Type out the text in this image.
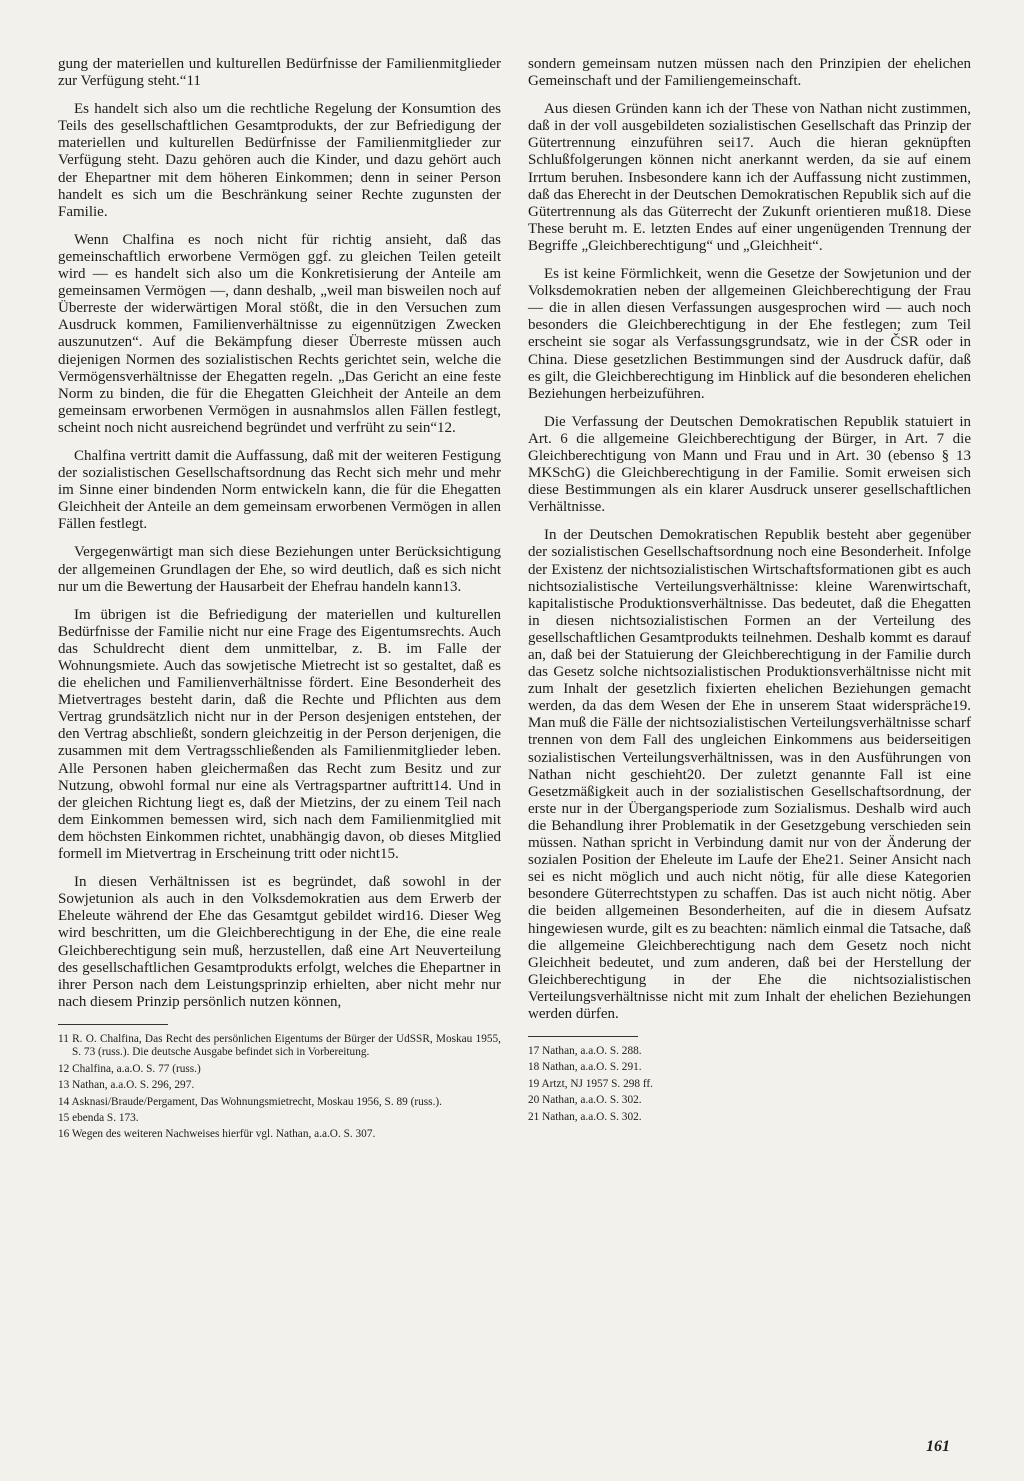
gung der materiellen und kulturellen Bedürfnisse der Familienmitglieder zur Verfügung steht.“11

Es handelt sich also um die rechtliche Regelung der Konsumtion des Teils des gesellschaftlichen Gesamtprodukts, der zur Befriedigung der materiellen und kulturellen Bedürfnisse der Familienmitglieder zur Verfügung steht. Dazu gehören auch die Kinder, und dazu gehört auch der Ehepartner mit dem höheren Einkommen; denn in seiner Person handelt es sich um die Beschränkung seiner Rechte zugunsten der Familie.

Wenn Chalfina es noch nicht für richtig ansieht, daß das gemeinschaftlich erworbene Vermögen ggf. zu gleichen Teilen geteilt wird — es handelt sich also um die Konkretisierung der Anteile am gemeinsamen Vermögen —, dann deshalb, „weil man bisweilen noch auf Überreste der widerwärtigen Moral stößt, die in den Versuchen zum Ausdruck kommen, Familienverhältnisse zu eigennützigen Zwecken auszunutzen“. Auf die Bekämpfung dieser Überreste müssen auch diejenigen Normen des sozialistischen Rechts gerichtet sein, welche die Vermögensverhältnisse der Ehegatten regeln. „Das Gericht an eine feste Norm zu binden, die für die Ehegatten Gleichheit der Anteile an dem gemeinsam erworbenen Vermögen in ausnahmslos allen Fällen festlegt, scheint noch nicht ausreichend begründet und verfrüht zu sein“12.

Chalfina vertritt damit die Auffassung, daß mit der weiteren Festigung der sozialistischen Gesellschaftsordnung das Recht sich mehr und mehr im Sinne einer bindenden Norm entwickeln kann, die für die Ehegatten Gleichheit der Anteile an dem gemeinsam erworbenen Vermögen in allen Fällen festlegt.

Vergegenwärtigt man sich diese Beziehungen unter Berücksichtigung der allgemeinen Grundlagen der Ehe, so wird deutlich, daß es sich nicht nur um die Bewertung der Hausarbeit der Ehefrau handeln kann13.

Im übrigen ist die Befriedigung der materiellen und kulturellen Bedürfnisse der Familie nicht nur eine Frage des Eigentumsrechts. Auch das Schuldrecht dient dem unmittelbar, z. B. im Falle der Wohnungsmiete. Auch das sowjetische Mietrecht ist so gestaltet, daß es die ehelichen und Familienverhältnisse fördert. Eine Besonderheit des Mietvertrages besteht darin, daß die Rechte und Pflichten aus dem Vertrag grundsätzlich nicht nur in der Person desjenigen entstehen, der den Vertrag abschließt, sondern gleichzeitig in der Person derjenigen, die zusammen mit dem Vertragsschließenden als Familienmitglieder leben. Alle Personen haben gleichermaßen das Recht zum Besitz und zur Nutzung, obwohl formal nur eine als Vertragspartner auftritt14. Und in der gleichen Richtung liegt es, daß der Mietzins, der zu einem Teil nach dem Einkommen bemessen wird, sich nach dem Familienmitglied mit dem höchsten Einkommen richtet, unabhängig davon, ob dieses Mitglied formell im Mietvertrag in Erscheinung tritt oder nicht15.

In diesen Verhältnissen ist es begründet, daß sowohl in der Sowjetunion als auch in den Volksdemokratien aus dem Erwerb der Eheleute während der Ehe das Gesamtgut gebildet wird16. Dieser Weg wird beschritten, um die Gleichberechtigung in der Ehe, die eine reale Gleichberechtigung sein muß, herzustellen, daß eine Art Neuverteilung des gesellschaftlichen Gesamtprodukts erfolgt, welches die Ehepartner in ihrer Person nach dem Leistungsprinzip erhielten, aber nicht mehr nur nach diesem Prinzip persönlich nutzen können,

11 R. O. Chalfina, Das Recht des persönlichen Eigentums der Bürger der UdSSR, Moskau 1955, S. 73 (russ.). Die deutsche Ausgabe befindet sich in Vorbereitung.

12 Chalfina, a.a.O. S. 77 (russ.)

13 Nathan, a.a.O. S. 296, 297.

14 Asknasi/Braude/Pergament, Das Wohnungsmietrecht, Moskau 1956, S. 89 (russ.).

15 ebenda S. 173.

16 Wegen des weiteren Nachweises hierfür vgl. Nathan, a.a.O. S. 307.

sondern gemeinsam nutzen müssen nach den Prinzipien der ehelichen Gemeinschaft und der Familiengemeinschaft.

Aus diesen Gründen kann ich der These von Nathan nicht zustimmen, daß in der voll ausgebildeten sozialistischen Gesellschaft das Prinzip der Gütertrennung einzuführen sei17. Auch die hieran geknüpften Schlußfolgerungen können nicht anerkannt werden, da sie auf einem Irrtum beruhen. Insbesondere kann ich der Auffassung nicht zustimmen, daß das Eherecht in der Deutschen Demokratischen Republik sich auf die Gütertrennung als das Güterrecht der Zukunft orientieren muß18. Diese These beruht m. E. letzten Endes auf einer ungenügenden Trennung der Begriffe „Gleichberechtigung“ und „Gleichheit“.

Es ist keine Förmlichkeit, wenn die Gesetze der Sowjetunion und der Volksdemokratien neben der allgemeinen Gleichberechtigung der Frau — die in allen diesen Verfassungen ausgesprochen wird — auch noch besonders die Gleichberechtigung in der Ehe festlegen; zum Teil erscheint sie sogar als Verfassungsgrundsatz, wie in der ČSR oder in China. Diese gesetzlichen Bestimmungen sind der Ausdruck dafür, daß es gilt, die Gleichberechtigung im Hinblick auf die besonderen ehelichen Beziehungen herbeizuführen.

Die Verfassung der Deutschen Demokratischen Republik statuiert in Art. 6 die allgemeine Gleichberechtigung der Bürger, in Art. 7 die Gleichberechtigung von Mann und Frau und in Art. 30 (ebenso § 13 MKSchG) die Gleichberechtigung in der Familie. Somit erweisen sich diese Bestimmungen als ein klarer Ausdruck unserer gesellschaftlichen Verhältnisse.

In der Deutschen Demokratischen Republik besteht aber gegenüber der sozialistischen Gesellschaftsordnung noch eine Besonderheit. Infolge der Existenz der nichtsozialistischen Wirtschaftsformationen gibt es auch nichtsozialistische Verteilungsverhältnisse: kleine Warenwirtschaft, kapitalistische Produktionsverhältnisse. Das bedeutet, daß die Ehegatten in diesen nichtsozialistischen Formen an der Verteilung des gesellschaftlichen Gesamtprodukts teilnehmen. Deshalb kommt es darauf an, daß bei der Statuierung der Gleichberechtigung in der Familie durch das Gesetz solche nichtsozialistischen Produktionsverhältnisse nicht mit zum Inhalt der gesetzlich fixierten ehelichen Beziehungen gemacht werden, da das dem Wesen der Ehe in unserem Staat widerspräche19. Man muß die Fälle der nichtsozialistischen Verteilungsverhältnisse scharf trennen von dem Fall des ungleichen Einkommens aus beiderseitigen sozialistischen Verteilungsverhältnissen, was in den Ausführungen von Nathan nicht geschieht20. Der zuletzt genannte Fall ist eine Gesetzmäßigkeit auch in der sozialistischen Gesellschaftsordnung, der erste nur in der Übergangsperiode zum Sozialismus. Deshalb wird auch die Behandlung ihrer Problematik in der Gesetzgebung verschieden sein müssen. Nathan spricht in Verbindung damit nur von der Änderung der sozialen Position der Eheleute im Laufe der Ehe21. Seiner Ansicht nach sei es nicht möglich und auch nicht nötig, für alle diese Kategorien besondere Güterrechtstypen zu schaffen. Das ist auch nicht nötig. Aber die beiden allgemeinen Besonderheiten, auf die in diesem Aufsatz hingewiesen wurde, gilt es zu beachten: nämlich einmal die Tatsache, daß die allgemeine Gleichberechtigung nach dem Gesetz noch nicht Gleichheit bedeutet, und zum anderen, daß bei der Herstellung der Gleichberechtigung in der Ehe die nichtsozialistischen Verteilungsverhältnisse nicht mit zum Inhalt der ehelichen Beziehungen werden dürfen.

17 Nathan, a.a.O. S. 288.

18 Nathan, a.a.O. S. 291.

19 Artzt, NJ 1957 S. 298 ff.

20 Nathan, a.a.O. S. 302.

21 Nathan, a.a.O. S. 302.

161
